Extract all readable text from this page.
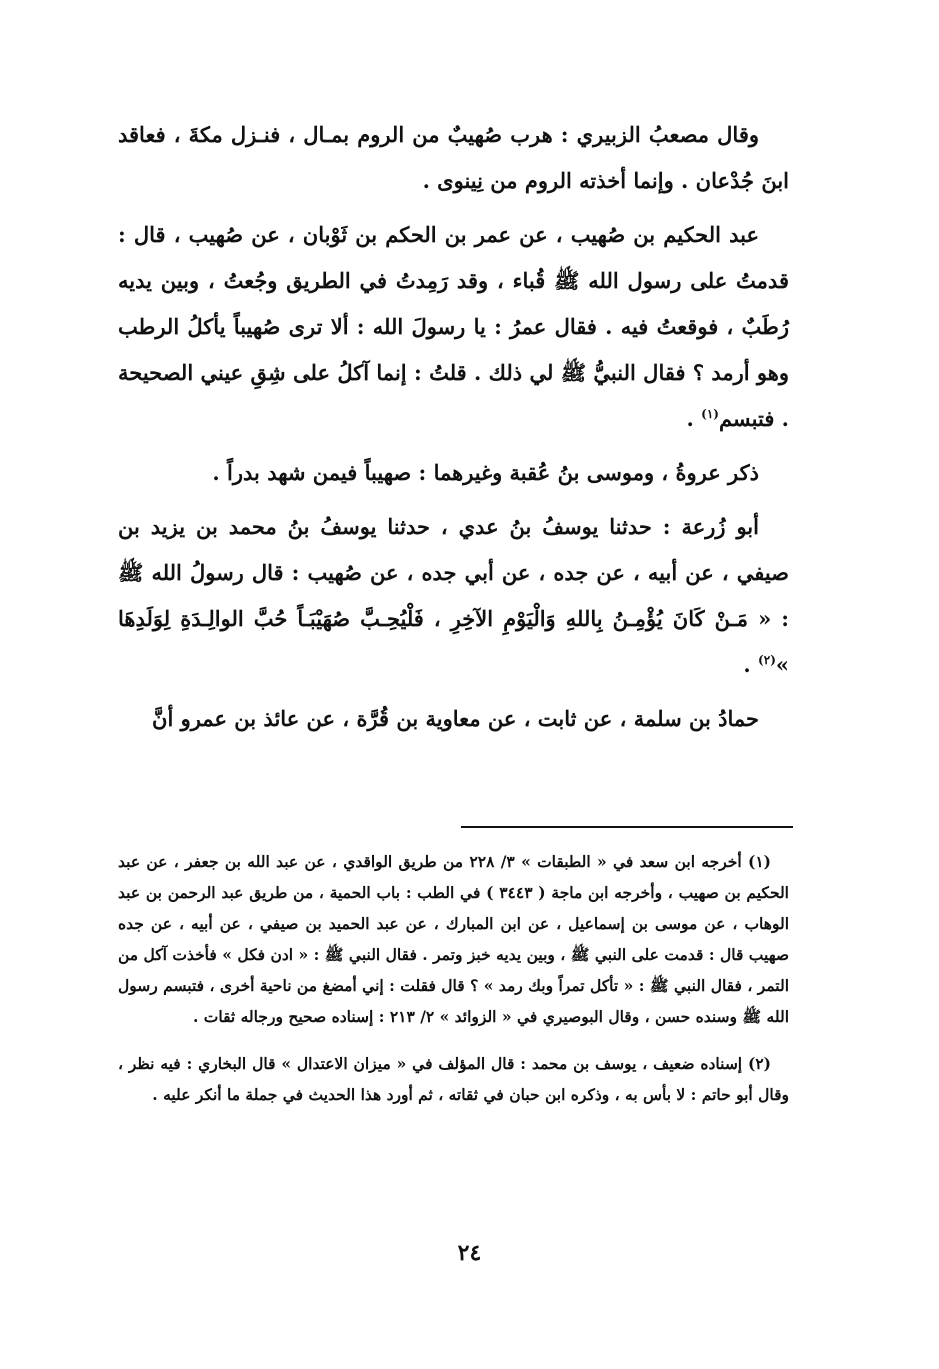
وقال مصعبُ الزبيري : هرب صُهيبٌ من الروم بمـال ، فنـزل مكةَ ، فعاقد ابنَ جُدْعان . وإنما أخذته الروم من نِينوى .

عبد الحكيم بن صُهيب ، عن عمر بن الحكم بن ثَوْبان ، عن صُهيب ، قال : قدمتُ على رسول الله ﷺ قُباء ، وقد رَمِدتُ في الطريق وجُعتُ ، وبين يديه رُطَبٌ ، فوقعتُ فيه . فقال عمرُ : يا رسولَ الله : ألا ترى صُهيباً يأكلُ الرطب وهو أرمد ؟ فقال النبيُّ ﷺ لي ذلك . قلتُ : إنما آكلُ على شِقِ عيني الصحيحة . فتبسم$^{(١)}$ .

ذكر عروةُ ، وموسى بنُ عُقبة وغيرهما : صهيباً فيمن شهد بدراً .

أبو زُرعة : حدثنا يوسفُ بنُ عدي ، حدثنا يوسفُ بنُ محمد بن يزيد بن صيفي ، عن أبيه ، عن جده ، عن أبي جده ، عن صُهيب : قال رسولُ الله ﷺ : « مَـنْ كَانَ يُؤْمِـنُ بِاللهِ وَالْيَوْمِ الآخِرِ ، فَلْيُحِـبَّ صُهَيْبَـاً حُبَّ الوالِـدَةِ لِوَلَدِهَا »$^{(٢)}$ .

حمادُ بن سلمة ، عن ثابت ، عن معاوية بن قُرَّة ، عن عائذ بن عمرو أنَّ

(١) أخرجه ابن سعد في « الطبقات » ٣/ ٢٢٨ من طريق الواقدي ، عن عبد الله بن جعفر ، عن عبد الحكيم بن صهيب ، وأخرجه ابن ماجة ( ٣٤٤٣ ) في الطب : باب الحمية ، من طريق عبد الرحمن بن عبد الوهاب ، عن موسى بن إسماعيل ، عن ابن المبارك ، عن عبد الحميد بن صيفي ، عن أبيه ، عن جده صهيب قال : قدمت على النبي ﷺ ، وبين يديه خبز وتمر . فقال النبي ﷺ : « ادن فكل » فأخذت آكل من التمر ، فقال النبي ﷺ : « تأكل تمراً وبك رمد » ؟ قال فقلت : إني أمضغ من ناحية أخرى ، فتبسم رسول الله ﷺ وسنده حسن ، وقال البوصيري في « الزوائد » ٢/ ٢١٣ : إسناده صحيح ورجاله ثقات .

(٢) إسناده ضعيف ، يوسف بن محمد : قال المؤلف في « ميزان الاعتدال » قال البخاري : فيه نظر ، وقال أبو حاتم : لا بأس به ، وذكره ابن حبان في ثقاته ، ثم أورد هذا الحديث في جملة ما أنكر عليه .

٢٤
